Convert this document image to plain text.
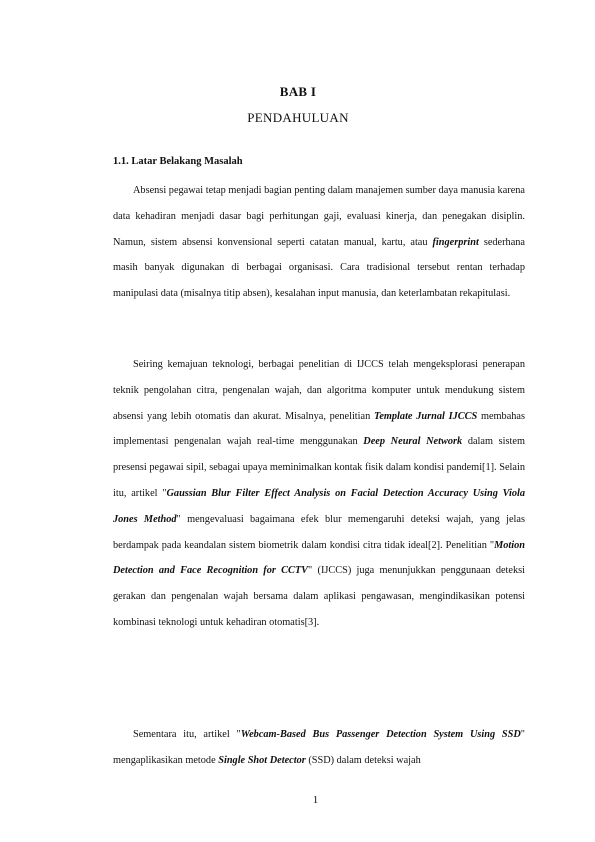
BAB I
PENDAHULUAN
1.1. Latar Belakang Masalah

Absensi pegawai tetap menjadi bagian penting dalam manajemen sumber daya manusia karena data kehadiran menjadi dasar bagi perhitungan gaji, evaluasi kinerja, dan penegakan disiplin. Namun, sistem absensi konvensional seperti catatan manual, kartu, atau fingerprint sederhana masih banyak digunakan di berbagai organisasi. Cara tradisional tersebut rentan terhadap manipulasi data (misalnya titip absen), kesalahan input manusia, dan keterlambatan rekapitulasi.

Seiring kemajuan teknologi, berbagai penelitian di IJCCS telah mengeksplorasi penerapan teknik pengolahan citra, pengenalan wajah, dan algoritma komputer untuk mendukung sistem absensi yang lebih otomatis dan akurat. Misalnya, penelitian Template Jurnal IJCCS membahas implementasi pengenalan wajah real-time menggunakan Deep Neural Network dalam sistem presensi pegawai sipil, sebagai upaya meminimalkan kontak fisik dalam kondisi pandemi[1]. Selain itu, artikel "Gaussian Blur Filter Effect Analysis on Facial Detection Accuracy Using Viola Jones Method" mengevaluasi bagaimana efek blur memengaruhi deteksi wajah, yang jelas berdampak pada keandalan sistem biometrik dalam kondisi citra tidak ideal[2]. Penelitian "Motion Detection and Face Recognition for CCTV" (IJCCS) juga menunjukkan penggunaan deteksi gerakan dan pengenalan wajah bersama dalam aplikasi pengawasan, mengindikasikan potensi kombinasi teknologi untuk kehadiran otomatis[3].

Sementara itu, artikel "Webcam-Based Bus Passenger Detection System Using SSD" mengaplikasikan metode Single Shot Detector (SSD) dalam deteksi wajah

1
